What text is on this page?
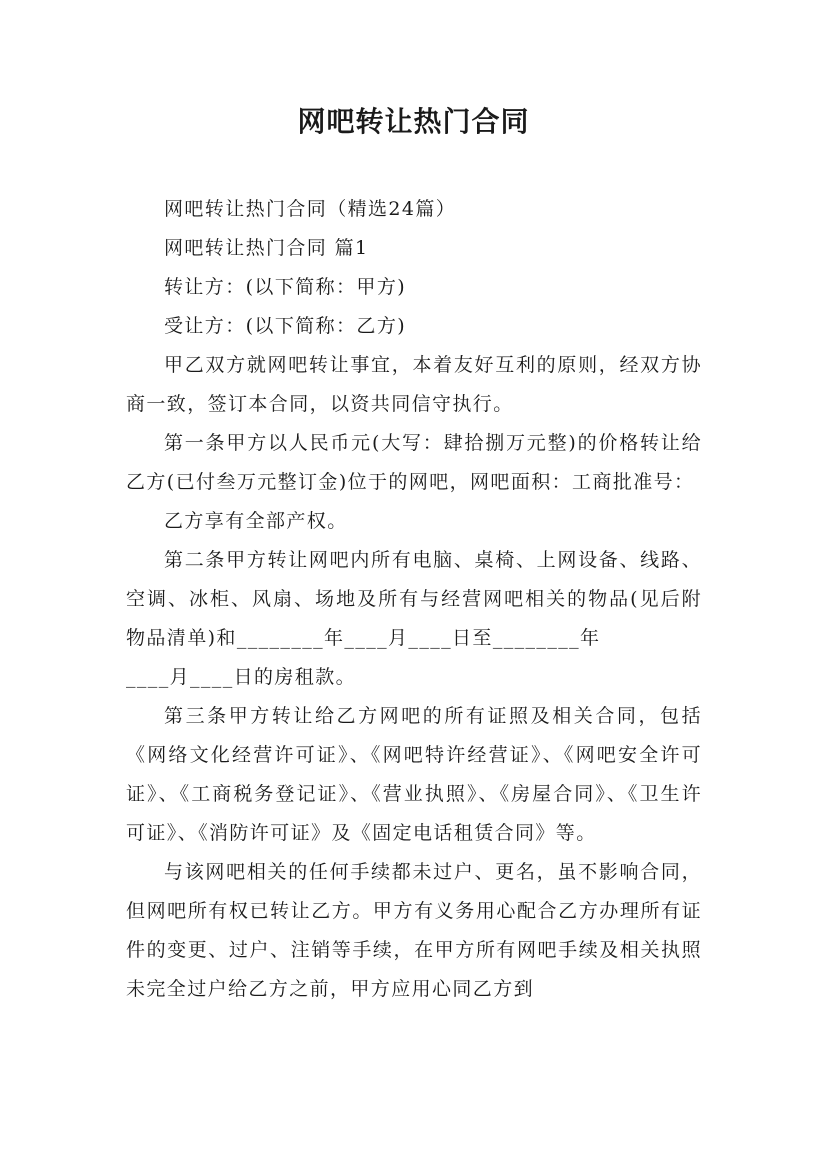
网吧转让热门合同

网吧转让热门合同（精选24篇）

网吧转让热门合同 篇1

转让方：(以下简称：甲方)

受让方：(以下简称：乙方)

甲乙双方就网吧转让事宜，本着友好互利的原则，经双方协商一致，签订本合同，以资共同信守执行。

第一条甲方以人民币元(大写：肆拾捌万元整)的价格转让给乙方(已付叁万元整订金)位于的网吧，网吧面积：工商批准号：

乙方享有全部产权。

第二条甲方转让网吧内所有电脑、桌椅、上网设备、线路、空调、冰柜、风扇、场地及所有与经营网吧相关的物品(见后附物品清单)和________年____月____日至________年

____月____日的房租款。

第三条甲方转让给乙方网吧的所有证照及相关合同，包括《网络文化经营许可证》、《网吧特许经营证》、《网吧安全许可证》、《工商税务登记证》、《营业执照》、《房屋合同》、《卫生许可证》、《消防许可证》及《固定电话租赁合同》等。

与该网吧相关的任何手续都未过户、更名，虽不影响合同，但网吧所有权已转让乙方。甲方有义务用心配合乙方办理所有证件的变更、过户、注销等手续，在甲方所有网吧手续及相关执照未完全过户给乙方之前，甲方应用心同乙方到
